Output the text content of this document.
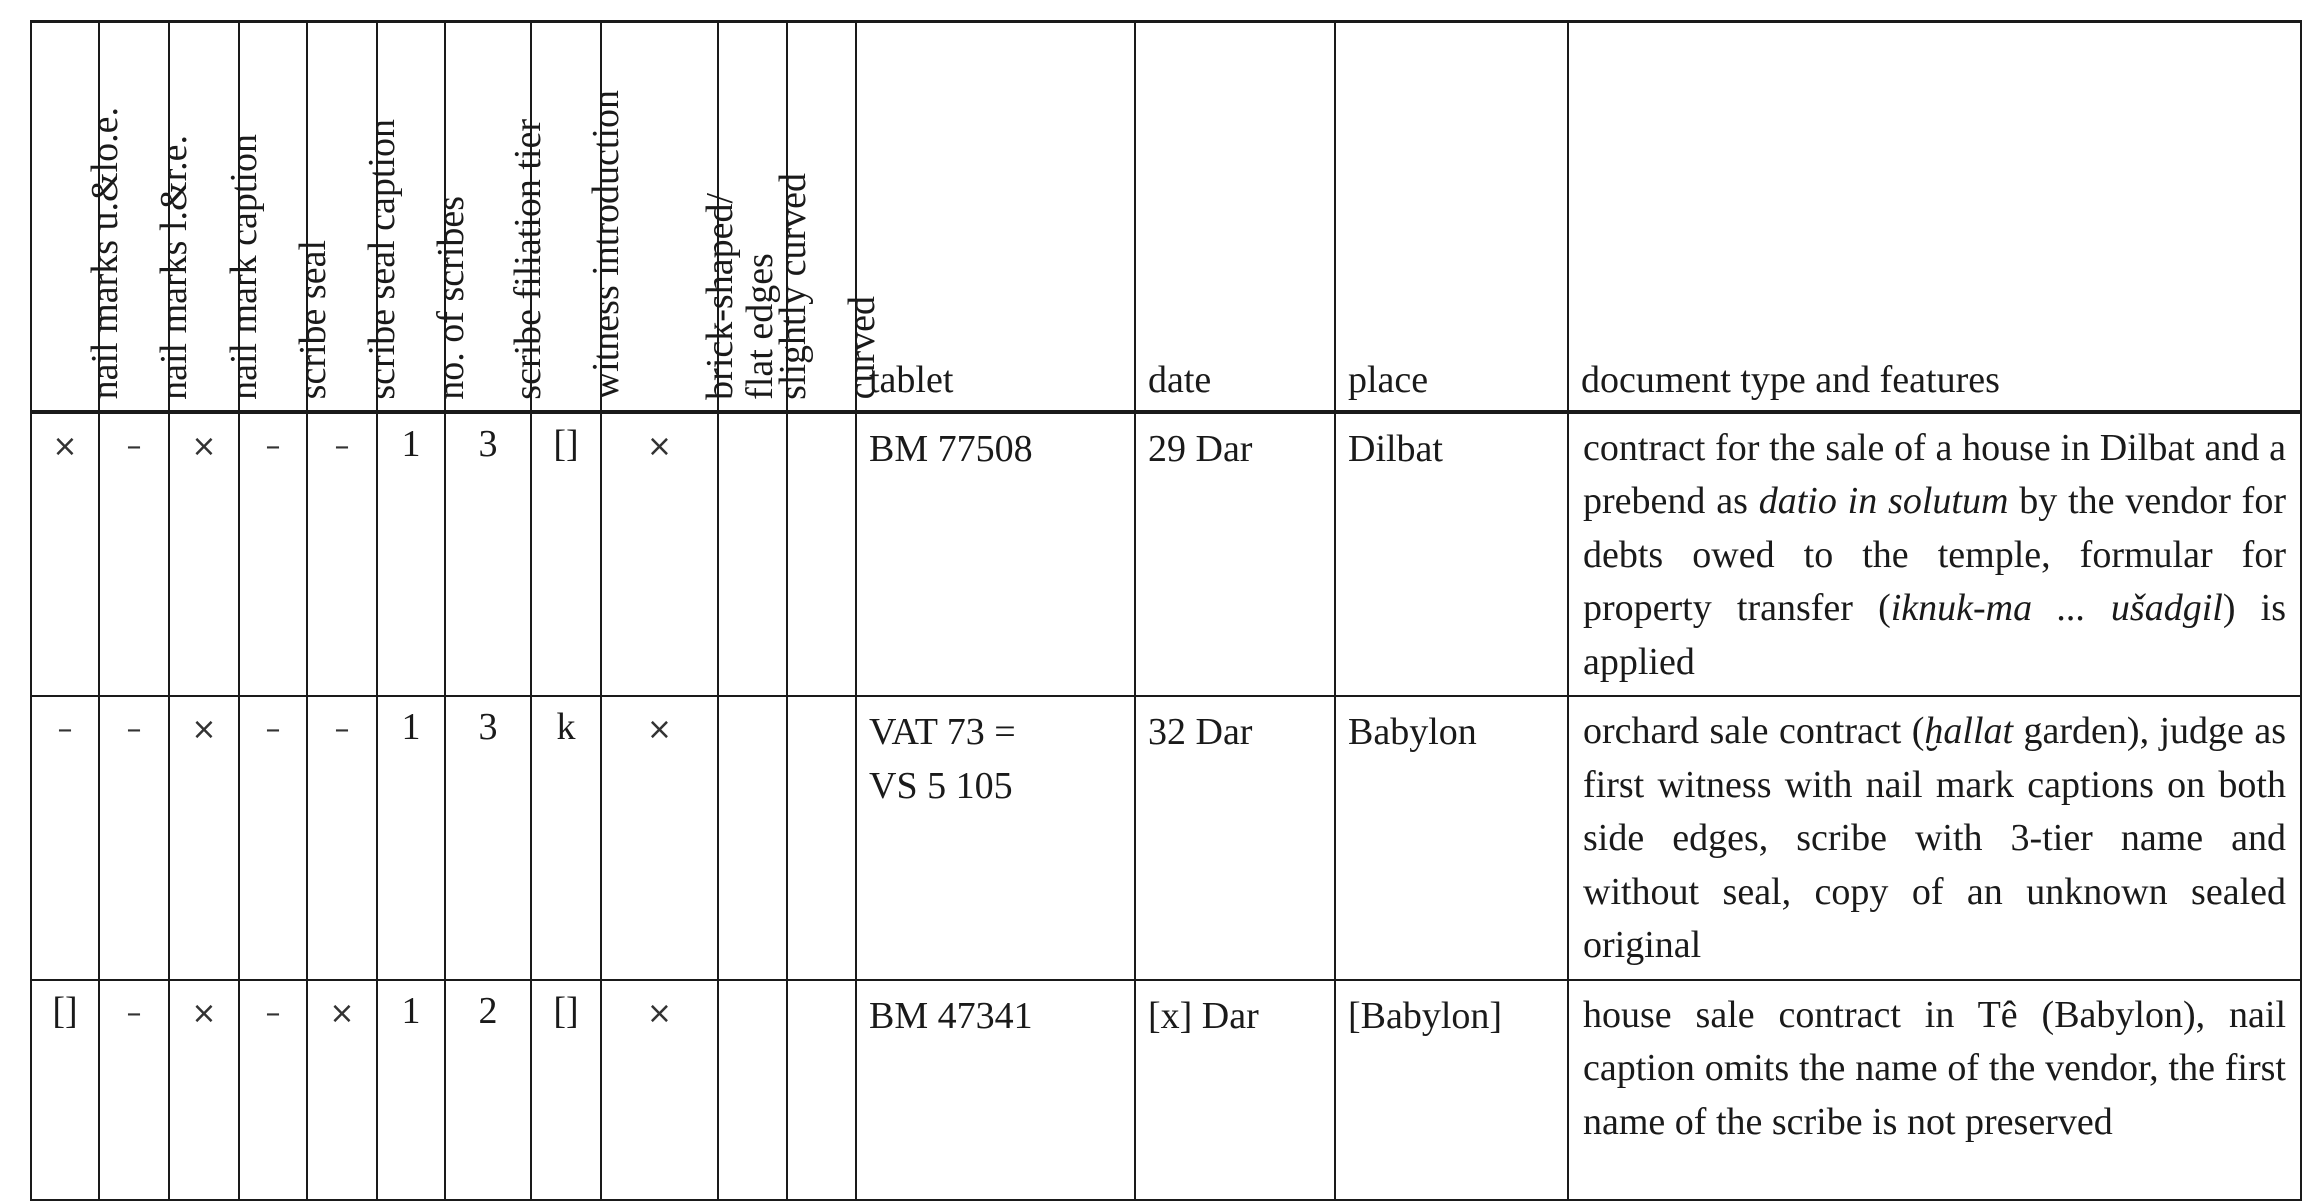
nail marks u.&lo.e.	nail marks l.&r.e.	nail mark caption	scribe seal	scribe seal caption	no. of scribes	scribe filiation tier	witness introduction	brick-shaped/
flat edges	slightly curved	curved	tablet	date	place	document type and features
×	–	×	–	–	1	3	[]	×			BM 77508	29 Dar	Dilbat	contract for the sale of a house in Dilbat and a prebend as datio in solutum by the vendor for debts owed to the temple, formular for property transfer (iknuk-ma ... ušadgil) is applied
–	–	×	–	–	1	3	k	×			VAT 73 =
VS 5 105	32 Dar	Babylon	orchard sale contract (ḫallat garden), judge as first witness with nail mark captions on both side edges, scribe with 3-tier name and without seal, copy of an unknown sealed original
[]	–	×	–	×	1	2	[]	×			BM 47341	[x] Dar	[Babylon]	house sale contract in Tê (Babylon), nail caption omits the name of the vendor, the first name of the scribe is not preserved
